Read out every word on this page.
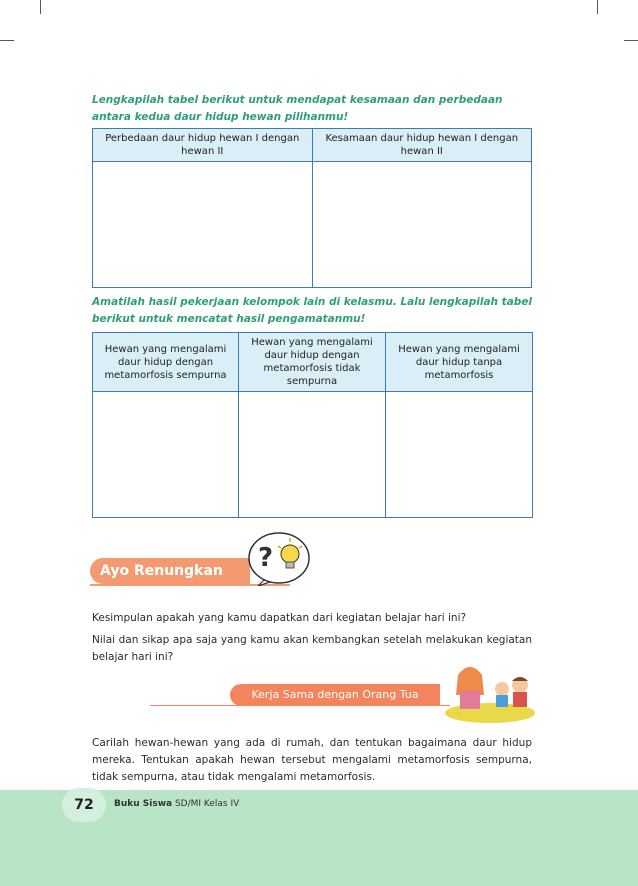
Lengkapilah tabel berikut untuk mendapat kesamaan dan perbedaan antara kedua daur hidup hewan pilihanmu!
Perbedaan daur hidup hewan I dengan hewan II	Kesamaan daur hidup hewan I dengan hewan II

Amatilah hasil pekerjaan kelompok lain di kelasmu. Lalu lengkapilah tabel berikut untuk mencatat hasil pengamatanmu!
Hewan yang mengalami daur hidup dengan metamorfosis sempurna	Hewan yang mengalami daur hidup dengan metamorfosis tidak sempurna	Hewan yang mengalami daur hidup tanpa metamorfosis

Ayo Renungkan	?
Kesimpulan apakah yang kamu dapatkan dari kegiatan belajar hari ini?
Nilai dan sikap apa saja yang kamu akan kembangkan setelah melakukan kegiatan belajar hari ini?
Kerja Sama dengan Orang Tua
Carilah hewan-hewan yang ada di rumah, dan tentukan bagaimana daur hidup mereka. Tentukan apakah hewan tersebut mengalami metamorfosis sempurna, tidak sempurna, atau tidak mengalami metamorfosis.
72	Buku Siswa SD/MI Kelas IV
